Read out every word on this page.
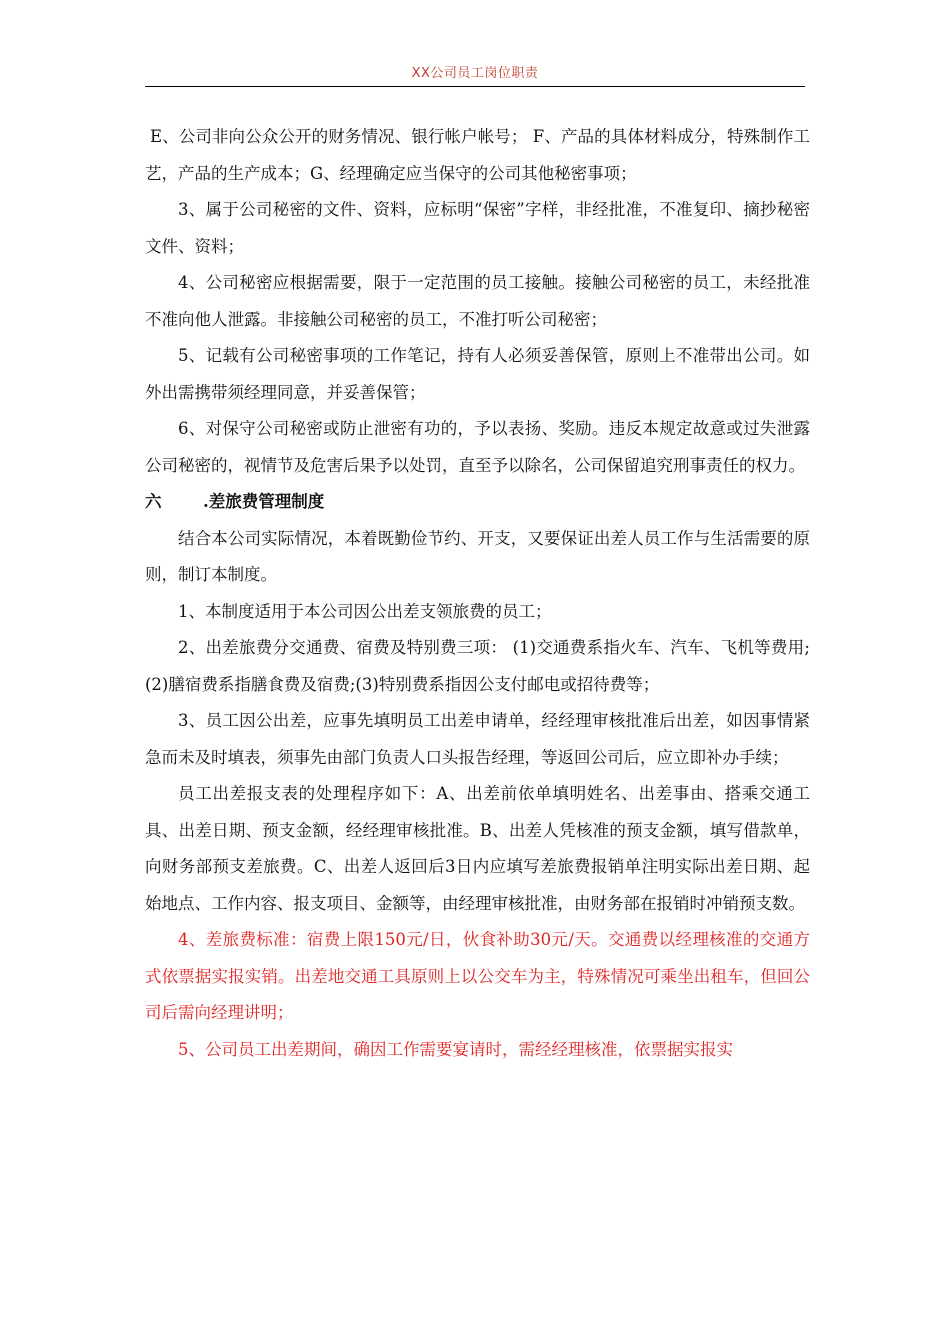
XX公司员工岗位职责

E、公司非向公众公开的财务情况、银行帐户帐号； F、产品的具体材料成分，特殊制作工艺，产品的生产成本；G、经理确定应当保守的公司其他秘密事项；

3、属于公司秘密的文件、资料，应标明“保密”字样，非经批准，不准复印、摘抄秘密文件、资料；

4、公司秘密应根据需要，限于一定范围的员工接触。接触公司秘密的员工，未经批准不准向他人泄露。非接触公司秘密的员工，不准打听公司秘密；

5、记载有公司秘密事项的工作笔记，持有人必须妥善保管，原则上不准带出公司。如外出需携带须经理同意，并妥善保管；

6、对保守公司秘密或防止泄密有功的，予以表扬、奖励。违反本规定故意或过失泄露公司秘密的，视情节及危害后果予以处罚，直至予以除名，公司保留追究刑事责任的权力。

六	.差旅费管理制度

结合本公司实际情况，本着既勤俭节约、开支，又要保证出差人员工作与生活需要的原则，制订本制度。

1、本制度适用于本公司因公出差支领旅费的员工；

2、出差旅费分交通费、宿费及特别费三项： (1)交通费系指火车、汽车、飞机等费用;(2)膳宿费系指膳食费及宿费;(3)特别费系指因公支付邮电或招待费等；

3、员工因公出差，应事先填明员工出差申请单，经经理审核批准后出差，如因事情紧急而未及时填表，须事先由部门负责人口头报告经理，等返回公司后，应立即补办手续；

员工出差报支表的处理程序如下：A、出差前依单填明姓名、出差事由、搭乘交通工具、出差日期、预支金额，经经理审核批准。B、出差人凭核准的预支金额，填写借款单，向财务部预支差旅费。C、出差人返回后3日内应填写差旅费报销单注明实际出差日期、起始地点、工作内容、报支项目、金额等，由经理审核批准，由财务部在报销时冲销预支数。

4、差旅费标准：宿费上限150元/日，伙食补助30元/天。交通费以经理核准的交通方式依票据实报实销。出差地交通工具原则上以公交车为主，特殊情况可乘坐出租车，但回公司后需向经理讲明；

5、公司员工出差期间，确因工作需要宴请时，需经经理核准，依票据实报实
